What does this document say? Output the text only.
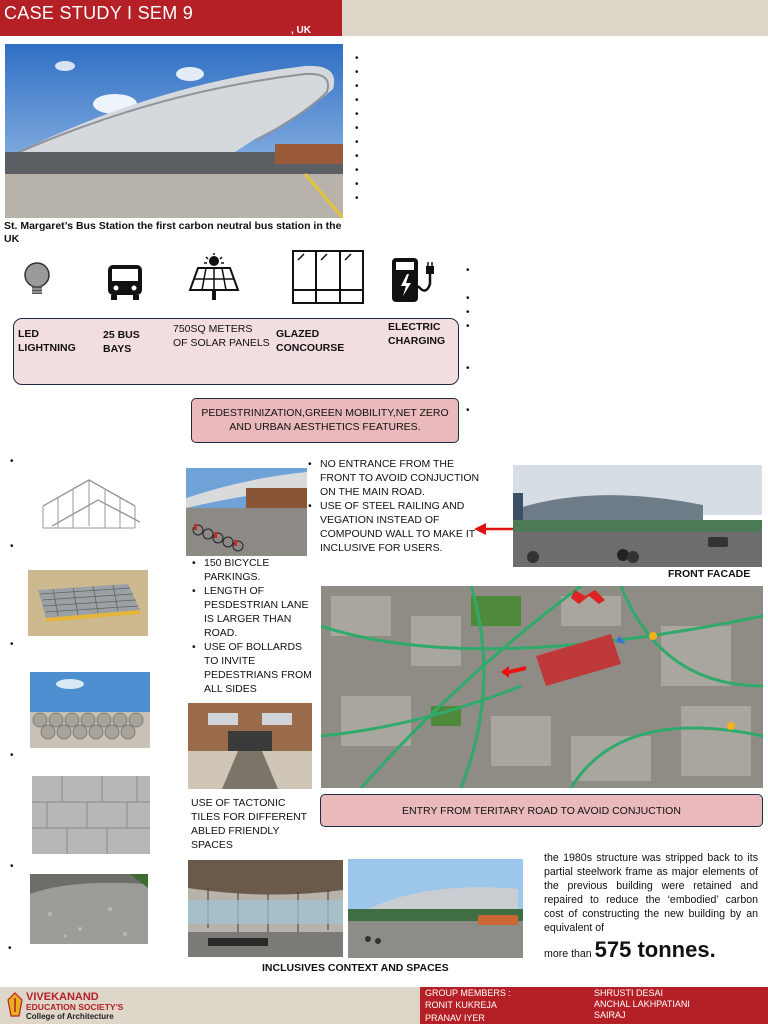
CASE STUDY I SEM 9
, UK
St. Margaret’s Bus Station the first carbon neutral bus station in the UK
•
•
•
•
•
•
•
•
•
•
•
LED
LIGHTNING
25 BUS
BAYS
750SQ METERS
OF SOLAR PANELS
GLAZED
CONCOURSE
ELECTRIC
CHARGING
•
•
•
•
•
•
PEDESTRINIZATION,GREEN MOBILITY,NET ZERO
AND URBAN AESTHETICS FEATURES.
•
•
•
•
•
•
• NO ENTRANCE FROM THE FRONT TO AVOID CONJUCTION ON THE MAIN ROAD.
• USE OF STEEL RAILING AND VEGATION INSTEAD OF COMPOUND WALL TO MAKE IT INCLUSIVE FOR USERS.
FRONT FACADE
• 150 BICYCLE PARKINGS.
• LENGTH OF PESDESTRIAN LANE IS LARGER THAN ROAD.
• USE OF BOLLARDS TO INVITE PEDESTRIANS FROM ALL SIDES
USE OF TACTONIC TILES FOR DIFFERENT ABLED FRIENDLY SPACES
ENTRY FROM TERITARY ROAD TO AVOID CONJUCTION
INCLUSIVES CONTEXT AND SPACES
the 1980s structure was stripped back to its partial steelwork frame as major elements of the previous building were retained and repaired to reduce the ‘embodied’ carbon cost of constructing the new building by an equivalent of
more than 575 tonnes.
VIVEKANAND
EDUCATION SOCIETY'S
College of Architecture
GROUP MEMBERS :
RONIT KUKREJA
PRANAV IYER
SHRUSTI DESAI
ANCHAL LAKHPATIANI
SAIRAJ
